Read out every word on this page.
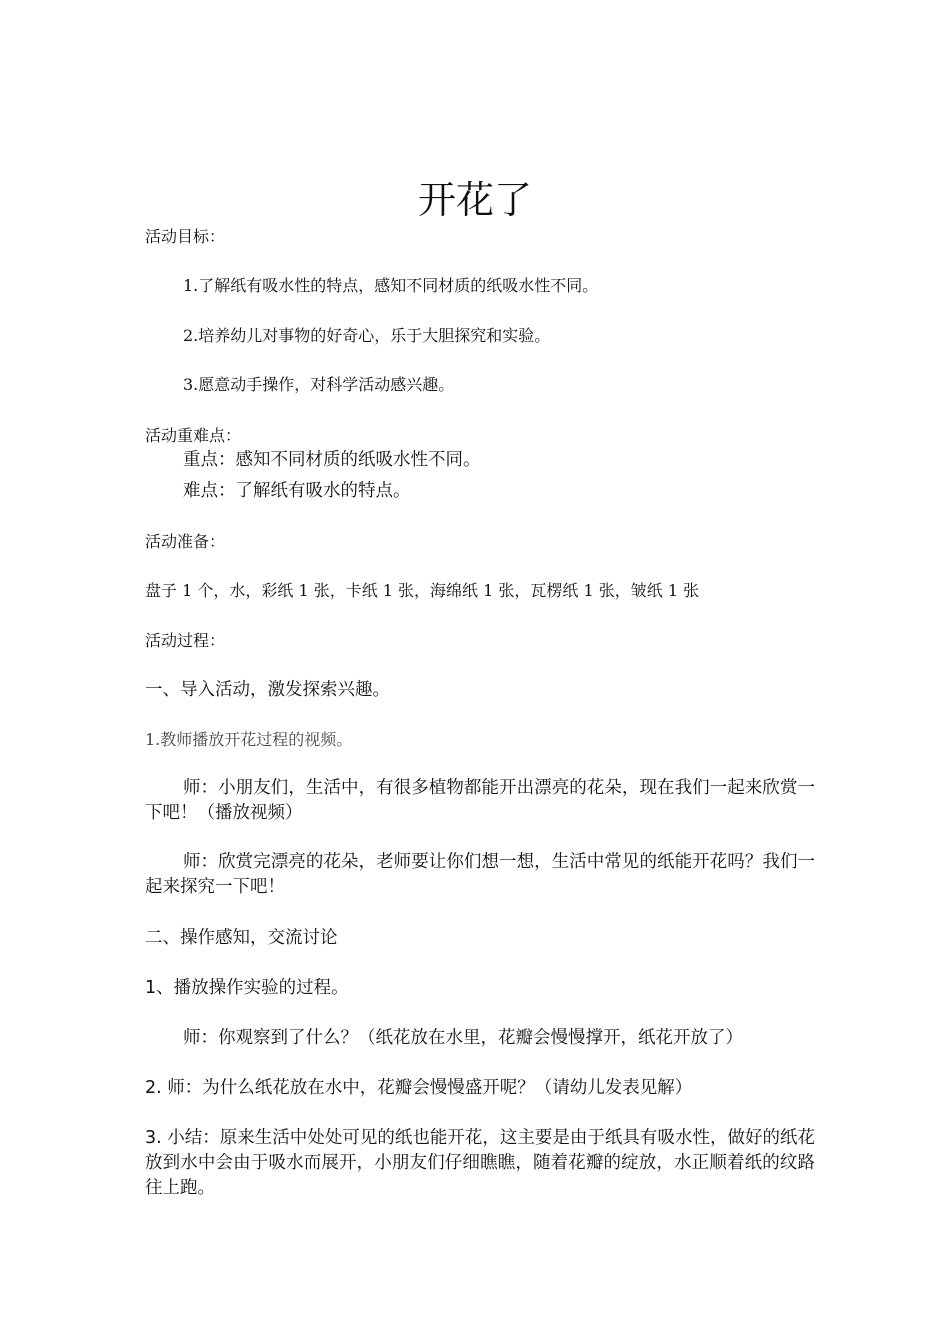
开花了
活动目标：
1.了解纸有吸水性的特点，感知不同材质的纸吸水性不同。
2.培养幼儿对事物的好奇心，乐于大胆探究和实验。
3.愿意动手操作，对科学活动感兴趣。
活动重难点：
重点：感知不同材质的纸吸水性不同。
难点：了解纸有吸水的特点。
活动准备：
盘子 1 个，水，彩纸 1 张，卡纸 1 张，海绵纸 1 张，瓦楞纸 1 张，皱纸 1 张
活动过程：
一、导入活动，激发探索兴趣。
1.教师播放开花过程的视频。
师：小朋友们，生活中，有很多植物都能开出漂亮的花朵，现在我们一起来欣赏一下吧！（播放视频）
师：欣赏完漂亮的花朵，老师要让你们想一想，生活中常见的纸能开花吗？我们一起来探究一下吧！
二、操作感知，交流讨论
1、播放操作实验的过程。
师：你观察到了什么？（纸花放在水里，花瓣会慢慢撑开，纸花开放了）
2. 师：为什么纸花放在水中，花瓣会慢慢盛开呢？（请幼儿发表见解）
3. 小结：原来生活中处处可见的纸也能开花，这主要是由于纸具有吸水性，做好的纸花放到水中会由于吸水而展开，小朋友们仔细瞧瞧，随着花瓣的绽放，水正顺着纸的纹路往上跑。
